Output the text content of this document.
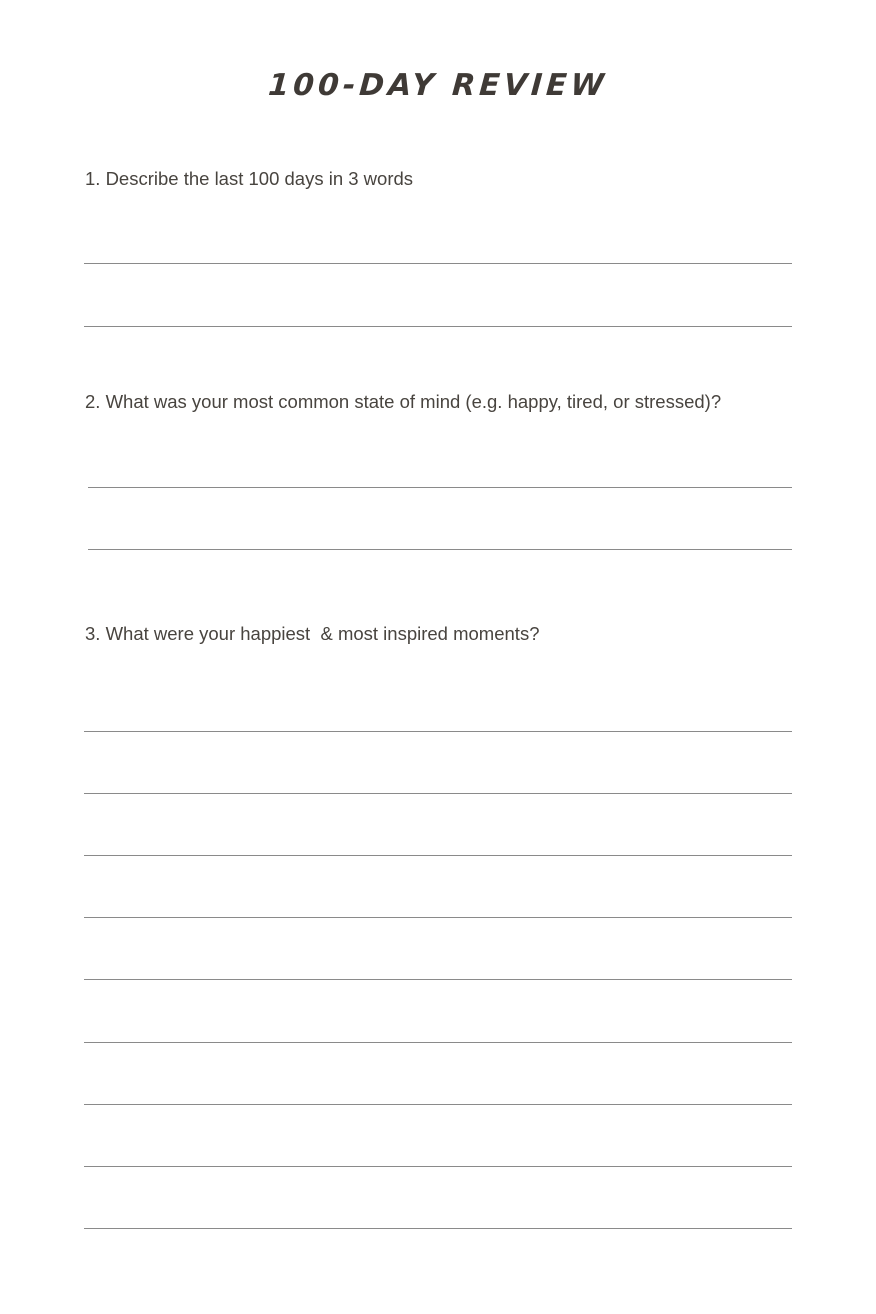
100-DAY REVIEW
1. Describe the last 100 days in 3 words
2. What was your most common state of mind (e.g. happy, tired, or stressed)?
3. What were your happiest  & most inspired moments?
